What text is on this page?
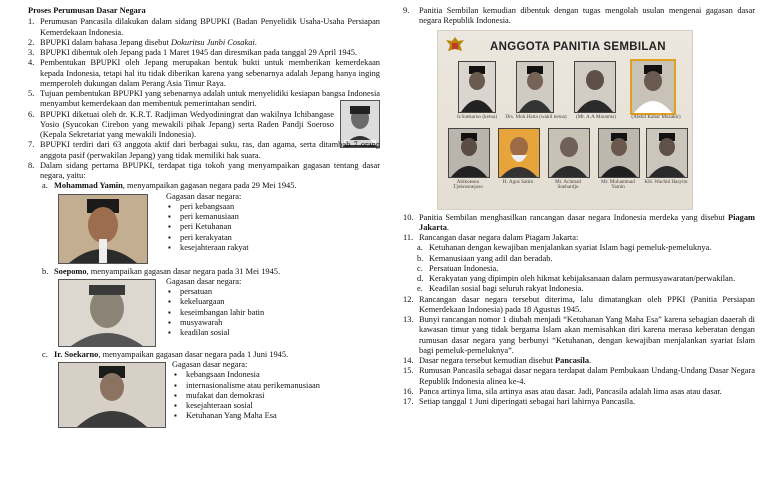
Proses Perumusan Dasar Negara
1. Perumusan Pancasila dilakukan dalam sidang BPUPKI (Badan Penyelidik Usaha-Usaha Persiapan Kemerdekaan Indonesia.
2. BPUPKI dalam bahasa Jepang disebut Dokuritsu Junbi Cosakai.
3. BPUPKI dibentuk oleh Jepang pada 1 Maret 1945 dan diresmikan pada tanggal 29 April 1945.
4. Pembentukan BPUPKI oleh Jepang merupakan bentuk bukti untuk memberikan kemerdekaan kepada Indonesia, tetapi hal itu tidak diberikan karena yang sebenarnya adalah Jepang hanya inging memperoleh dukungan dalam Perang Asia Timur Raya.
5. Tujuan pembentukan BPUPKI yang sebenarnya adalah untuk menyelidiki kesiapan bangsa Indonesia menyambut kemerdekaan dan membentuk pemerintahan sendiri.
6. BPUPKI diketuai oleh dr. K.R.T. Radjiman Wedyodiningrat dan wakilnya Ichibangase Yosio (Syucokan Cirebon yang mewakili pihak Jepang) serta Raden Pandji Soeroso (Kepala Sekretariat yang mewakili Indonesia).
7. BPUPKI terdiri dari 63 anggota aktif dari berbagai suku, ras, dan agama, serta ditambah 7 orang anggota pasif (perwakilan Jepang) yang tidak memiliki hak suara.
8. Dalam sidang pertama BPUPKI, terdapat tiga tokoh yang menyampaikan gagasan tentang dasar negara, yaitu:
a. Mohammad Yamin, menyampaikan gagasan negara pada 29 Mei 1945.
Gagasan dasar negara:
▪ peri kebangsaan
▪ peri kemanusiaan
▪ peri Ketuhanan
▪ peri kerakyatan
▪ kesejahteraan rakyat
b. Soepomo, menyampaikan gagasan dasar negara pada 31 Mei 1945.
Gagasan dasar negara:
▪ persatuan
▪ kekeluargaan
▪ keseimbangan lahir batin
▪ musyawarah
▪ keadilan sosial
c. Ir. Soekarno, menyampaikan gagasan dasar negara pada 1 Juni 1945.
Gagasan dasar negara:
▪ kebangsaan Indonesia
▪ internasionalisme atau perikemanusiaan
▪ mufakat dan demokrasi
▪ kesejahteraan sosial
▪ Ketuhanan Yang Maha Esa
9. Panitia Sembilan kemudian dibentuk dengan tugas mengolah usulan mengenai gagasan dasar negara Republik Indonesia.
ANGGOTA PANITIA SEMBILAN
Ir.Soekarno (ketua)	Drs. Moh.Hatta (wakil ketua)	(Mr. A.A Maramis)	(Abdul Kahar Muzakir)
Abikoesno Tjokrosoejoso
H. Agus Salim	Mr. Achmad Soebardjo
Mr. Muhammad Yamin
KH. Wachid Hasyim
10. Panitia Sembilan menghasilkan rancangan dasar negara Indonesia merdeka yang disebut Piagam Jakarta.
11. Rancangan dasar negara dalam Piagam Jakarta:
a. Ketuhanan dengan kewajiban menjalankan syariat Islam bagi pemeluk-pemeluknya.
b. Kemanusiaan yang adil dan beradab.
c. Persatuan Indonesia.
d. Kerakyatan yang dipimpin oleh hikmat kebijaksanaan dalam permusyawaratan/perwakilan.
e. Keadilan sosial bagi seluruh rakyat Indonesia.
12. Rancangan dasar negara tersebut diterima, lalu dimatangkan oleh PPKI (Panitia Persiapan Kemerdekaan Indonesia) pada 18 Agustus 1945.
13. Bunyi rancangan nomor 1 diubah menjadi “Ketuhanan Yang Maha Esa” karena sebagian daaerah di kawasan timur yang tidak bergama Islam akan memisahkan diri karena merasa keberatan dengan rumusan dasar negara yang berbunyi “Ketuhanan, dengan kewajiban menjalankan syariat Islam bagi pemeluk-pemeluknya”.
14. Dasar negara tersebut kemudian disebut Pancasila.
15. Rumusan Pancasila sebagai dasar negara terdapat dalam Pembukaan Undang-Undang Dasar Negara Republik Indonesia alinea ke-4.
16. Panca artinya lima, sila artinya asas atau dasar. Jadi, Pancasila adalah lima asas atau dasar.
17. Setiap tanggal 1 Juni diperingati sebagai hari lahirnya Pancasila.
